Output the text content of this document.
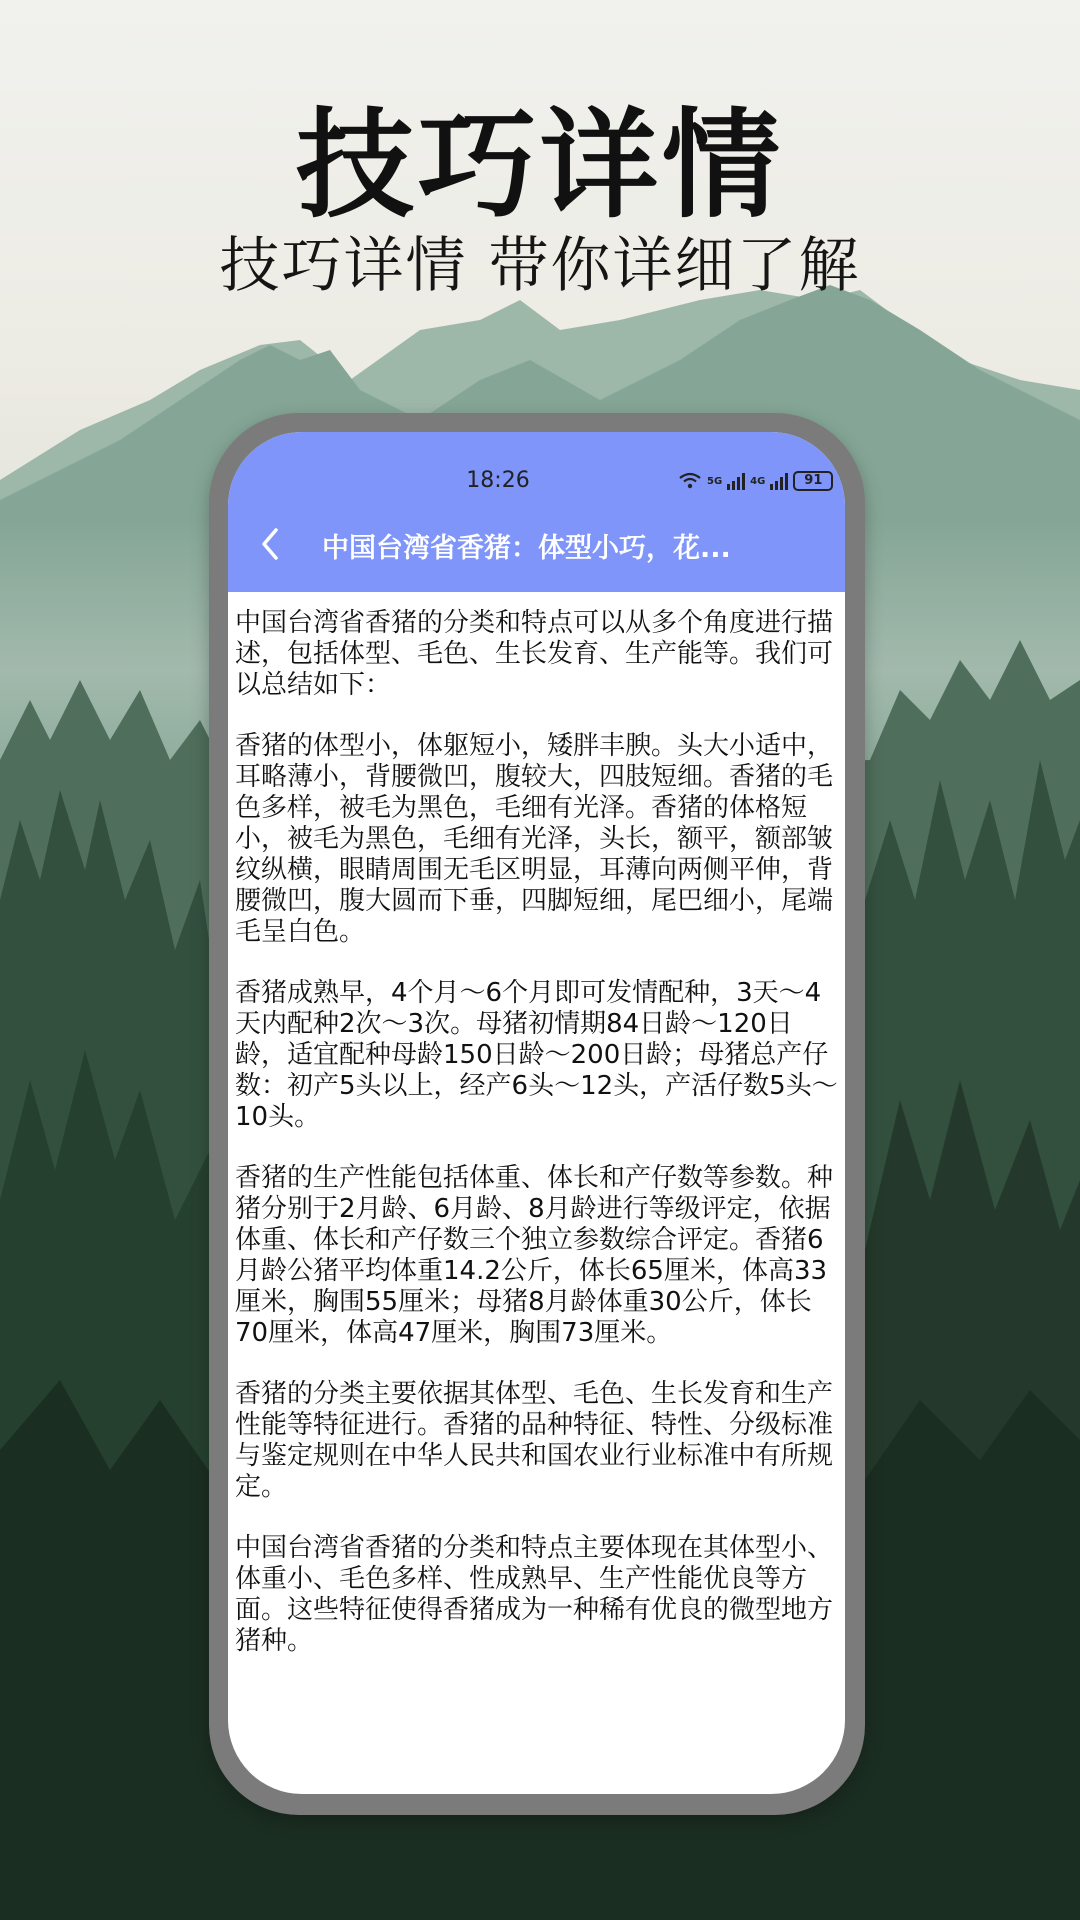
技巧详情
技巧详情 带你详细了解
18:26	5G	4G	91
中国台湾省香猪：体型小巧，花...

中国台湾省香猪的分类和特点可以从多个角度进行描述，包括体型、毛色、生长发育、生产能等。我们可以总结如下：

香猪的体型小，体躯短小，矮胖丰腴。头大小适中，耳略薄小，背腰微凹，腹较大，四肢短细。香猪的毛色多样，被毛为黑色，毛细有光泽。香猪的体格短小，被毛为黑色，毛细有光泽，头长，额平，额部皱纹纵横，眼睛周围无毛区明显，耳薄向两侧平伸，背腰微凹，腹大圆而下垂，四脚短细，尾巴细小，尾端毛呈白色。

香猪成熟早，4个月～6个月即可发情配种，3天～4天内配种2次～3次。母猪初情期84日龄～120日龄，适宜配种母龄150日龄～200日龄；母猪总产仔数：初产5头以上，经产6头～12头，产活仔数5头～10头。

香猪的生产性能包括体重、体长和产仔数等参数。种猪分别于2月龄、6月龄、8月龄进行等级评定，依据体重、体长和产仔数三个独立参数综合评定。香猪6月龄公猪平均体重14.2公斤，体长65厘米，体高33厘米，胸围55厘米；母猪8月龄体重30公斤，体长70厘米，体高47厘米，胸围73厘米。

香猪的分类主要依据其体型、毛色、生长发育和生产性能等特征进行。香猪的品种特征、特性、分级标准与鉴定规则在中华人民共和国农业行业标准中有所规定。

中国台湾省香猪的分类和特点主要体现在其体型小、体重小、毛色多样、性成熟早、生产性能优良等方面。这些特征使得香猪成为一种稀有优良的微型地方猪种。
